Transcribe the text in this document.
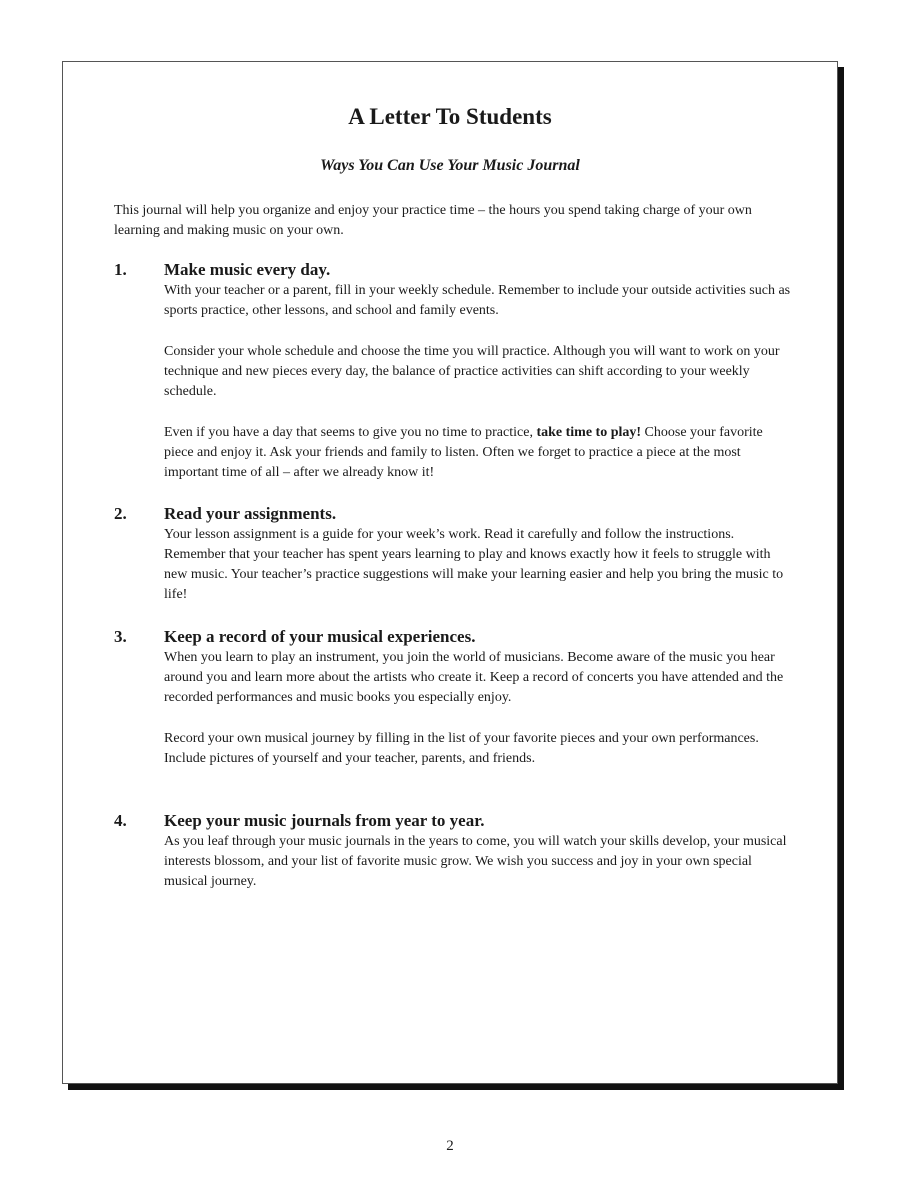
A Letter To Students
Ways You Can Use Your Music Journal

This journal will help you organize and enjoy your practice time – the hours you spend taking charge of your own learning and making music on your own.

1. Make music every day.

With your teacher or a parent, fill in your weekly schedule. Remember to include your outside activities such as sports practice, other lessons, and school and family events.

Consider your whole schedule and choose the time you will practice. Although you will want to work on your technique and new pieces every day, the balance of practice activities can shift according to your weekly schedule.

Even if you have a day that seems to give you no time to practice, take time to play! Choose your favorite piece and enjoy it. Ask your friends and family to listen. Often we forget to practice a piece at the most important time of all – after we already know it!

2. Read your assignments.

Your lesson assignment is a guide for your week’s work. Read it carefully and follow the instructions. Remember that your teacher has spent years learning to play and knows exactly how it feels to struggle with new music. Your teacher’s practice suggestions will make your learning easier and help you bring the music to life!

3. Keep a record of your musical experiences.

When you learn to play an instrument, you join the world of musicians. Become aware of the music you hear around you and learn more about the artists who create it. Keep a record of concerts you have attended and the recorded performances and music books you especially enjoy.

Record your own musical journey by filling in the list of your favorite pieces and your own performances. Include pictures of yourself and your teacher, parents, and friends.

4. Keep your music journals from year to year.

As you leaf through your music journals in the years to come, you will watch your skills develop, your musical interests blossom, and your list of favorite music grow. We wish you success and joy in your own special musical journey.

2
